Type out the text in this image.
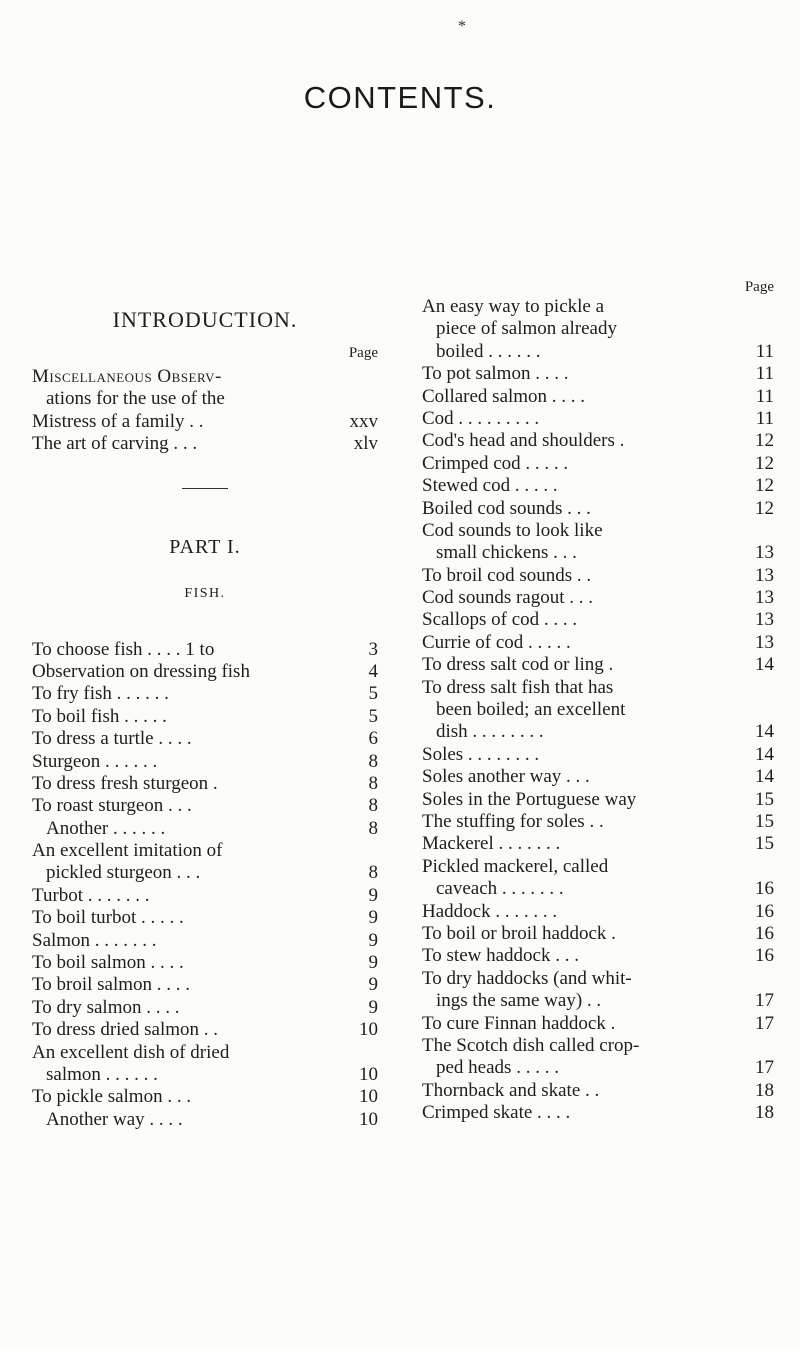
*
CONTENTS.
INTRODUCTION.
Page
Miscellaneous Observ-
ations for the use of the
Mistress of a family . .	xxv
The art of carving . . .	xlv
PART I.
FISH.
To choose fish . . . . 1 to	3
Observation on dressing fish	4
To fry fish . . . . . .	5
To boil fish . . . . .	5
To dress a turtle . . . .	6
Sturgeon . . . . . .	8
To dress fresh sturgeon .	8
To roast sturgeon . . .	8
Another . . . . . .	8
An excellent imitation of
pickled sturgeon . . .	8
Turbot . . . . . . .	9
To boil turbot . . . . .	9
Salmon . . . . . . .	9
To boil salmon . . . .	9
To broil salmon . . . .	9
To dry salmon . . . .	9
To dress dried salmon . .	10
An excellent dish of dried
salmon . . . . . .	10
To pickle salmon . . .	10
Another way . . . .	10
Page
An easy way to pickle a
piece of salmon already
boiled . . . . . .	11
To pot salmon . . . .	11
Collared salmon . . . .	11
Cod . . . . . . . . .	11
Cod's head and shoulders .	12
Crimped cod . . . . .	12
Stewed cod . . . . .	12
Boiled cod sounds . . .	12
Cod sounds to look like
small chickens . . .	13
To broil cod sounds . .	13
Cod sounds ragout . . .	13
Scallops of cod . . . .	13
Currie of cod . . . . .	13
To dress salt cod or ling .	14
To dress salt fish that has
been boiled; an excellent
dish . . . . . . . .	14
Soles . . . . . . . .	14
Soles another way . . .	14
Soles in the Portuguese way	15
The stuffing for soles . .	15
Mackerel . . . . . . .	15
Pickled mackerel, called
caveach . . . . . . .	16
Haddock . . . . . . .	16
To boil or broil haddock .	16
To stew haddock . . .	16
To dry haddocks (and whit-
ings the same way) . .	17
To cure Finnan haddock .	17
The Scotch dish called crop-
ped heads . . . . .	17
Thornback and skate . .	18
Crimped skate . . . .	18
